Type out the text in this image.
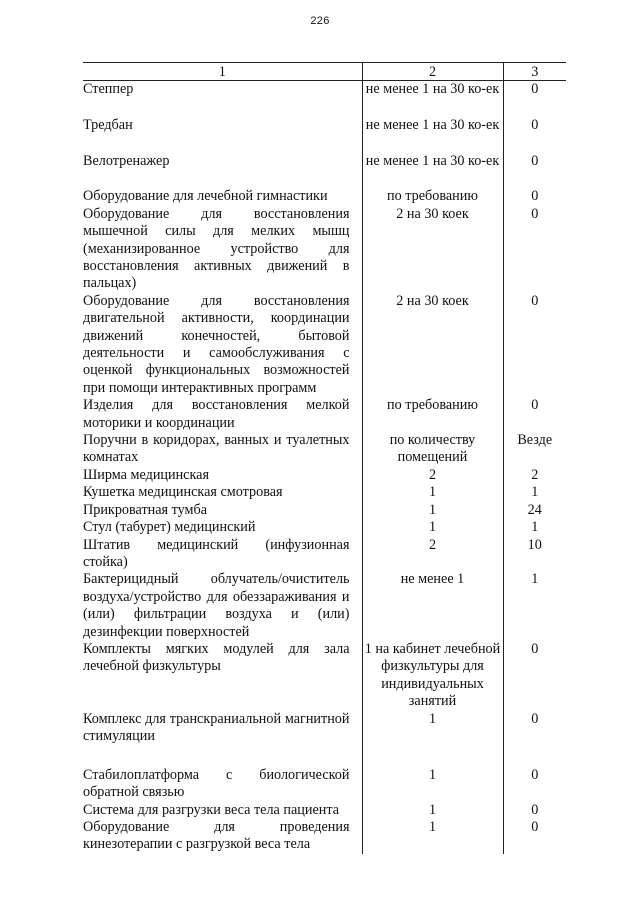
226
1	2	3

Степпер	не менее 1 на 30 ко-ек	0

Тредбан	не менее 1 на 30 ко-ек	0

Велотренажер	не менее 1 на 30 ко-ек	0

Оборудование для лечебной гимнастики	по требованию	0

Оборудование для восстановления мышечной силы для мелких мышц (механизированное устройство для восстановления активных движений в пальцах)	2 на 30 коек	0

Оборудование для восстановления двигательной активности, координации движений конечностей, бытовой деятельности и самообслуживания с оценкой функциональных возможностей при помощи интерактивных программ	2 на 30 коек	0

Изделия для восстановления мелкой моторики и координации	по требованию	0

Поручни в коридорах, ванных и туалетных комнатах	по количеству помещений	Везде

Ширма медицинская	2	2

Кушетка медицинская смотровая	1	1

Прикроватная тумба	1	24

Стул (табурет) медицинский	1	1

Штатив медицинский (инфузионная стойка)	2	10

Бактерицидный облучатель/очиститель воздуха/устройство для обеззараживания и (или) фильтрации воздуха и (или) дезинфекции поверхностей	не менее 1	1

Комплекты мягких модулей для зала лечебной физкультуры	1 на кабинет лечебной физкультуры для индивидуальных занятий	0

Комплекс для транскраниальной магнитной стимуляции	1	0

Стабилоплатформа с биологической обратной связью	1	0

Система для разгрузки веса тела пациента	1	0

Оборудование для проведения кинезотерапии с разгрузкой веса тела	1	0
